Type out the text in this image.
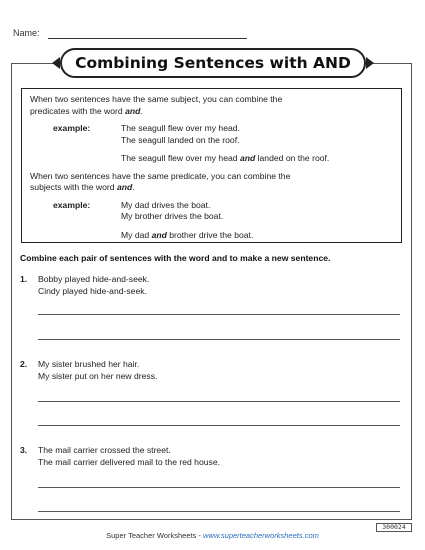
Name:
Combining Sentences with AND
When two sentences have the same subject, you can combine the
predicates with the word and.
example:	The seagull flew over my head.
The seagull landed on the roof.
The seagull flew over my head and landed on the roof.
When two sentences have the same predicate, you can combine the
subjects with the word and.
example:	My dad drives the boat.
My brother drives the boat.
My dad and brother drive the boat.
Combine each pair of sentences with the word and to make a new sentence.
1. Bobby played hide-and-seek.
Cindy played hide-and-seek.
2. My sister brushed her hair.
My sister put on her new dress.
3. The mail carrier crossed the street.
The mail carrier delivered mail to the red house.
Super Teacher Worksheets - www.superteacherworksheets.com
300024
